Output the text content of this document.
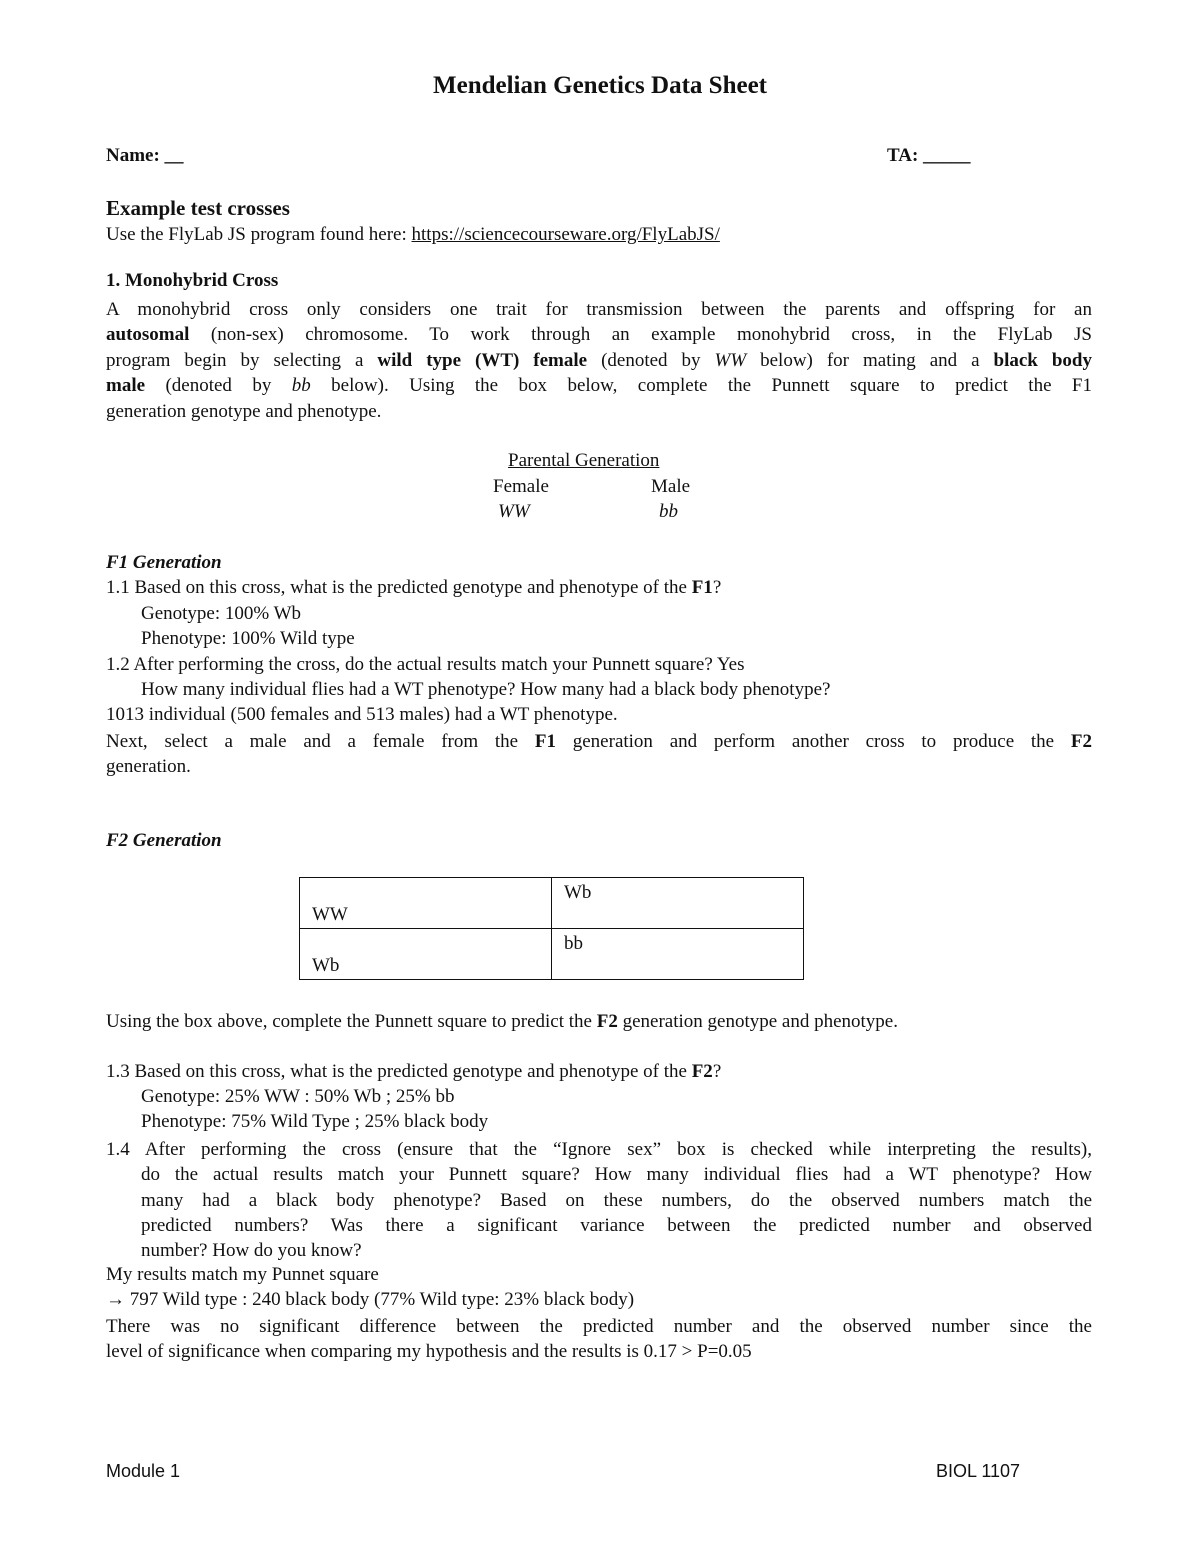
Mendelian Genetics Data Sheet
Name: __	TA: _____
Example test crosses
Use the FlyLab JS program found here: https://sciencecourseware.org/FlyLabJS/
1. Monohybrid Cross
A monohybrid cross only considers one trait for transmission between the parents and offspring for an
autosomal (non-sex) chromosome. To work through an example monohybrid cross, in the FlyLab JS
program begin by selecting a wild type (WT) female (denoted by WW below) for mating and a black body
male (denoted by bb below). Using the box below, complete the Punnett square to predict the F1
generation genotype and phenotype.
Parental Generation
Female	Male
WW	bb
F1 Generation
1.1 Based on this cross, what is the predicted genotype and phenotype of the F1?
Genotype: 100% Wb
Phenotype: 100% Wild type
1.2 After performing the cross, do the actual results match your Punnett square? Yes
How many individual flies had a WT phenotype? How many had a black body phenotype?
1013 individual (500 females and 513 males) had a WT phenotype.
Next, select a male and a female from the F1 generation and perform another cross to produce the F2
generation.
F2 Generation
WW	Wb

Wb	bb
Using the box above, complete the Punnett square to predict the F2 generation genotype and phenotype.
1.3 Based on this cross, what is the predicted genotype and phenotype of the F2?
Genotype: 25% WW : 50% Wb ; 25% bb
Phenotype: 75% Wild Type ; 25% black body
1.4 After performing the cross (ensure that the “Ignore sex” box is checked while interpreting the results),
do the actual results match your Punnett square? How many individual flies had a WT phenotype? How
many had a black body phenotype? Based on these numbers, do the observed numbers match the
predicted numbers? Was there a significant variance between the predicted number and observed
number? How do you know?
My results match my Punnet square
→ 797 Wild type : 240 black body (77% Wild type: 23% black body)
There was no significant difference between the predicted number and the observed number since the
level of significance when comparing my hypothesis and the results is 0.17 > P=0.05
Module 1	BIOL 1107
